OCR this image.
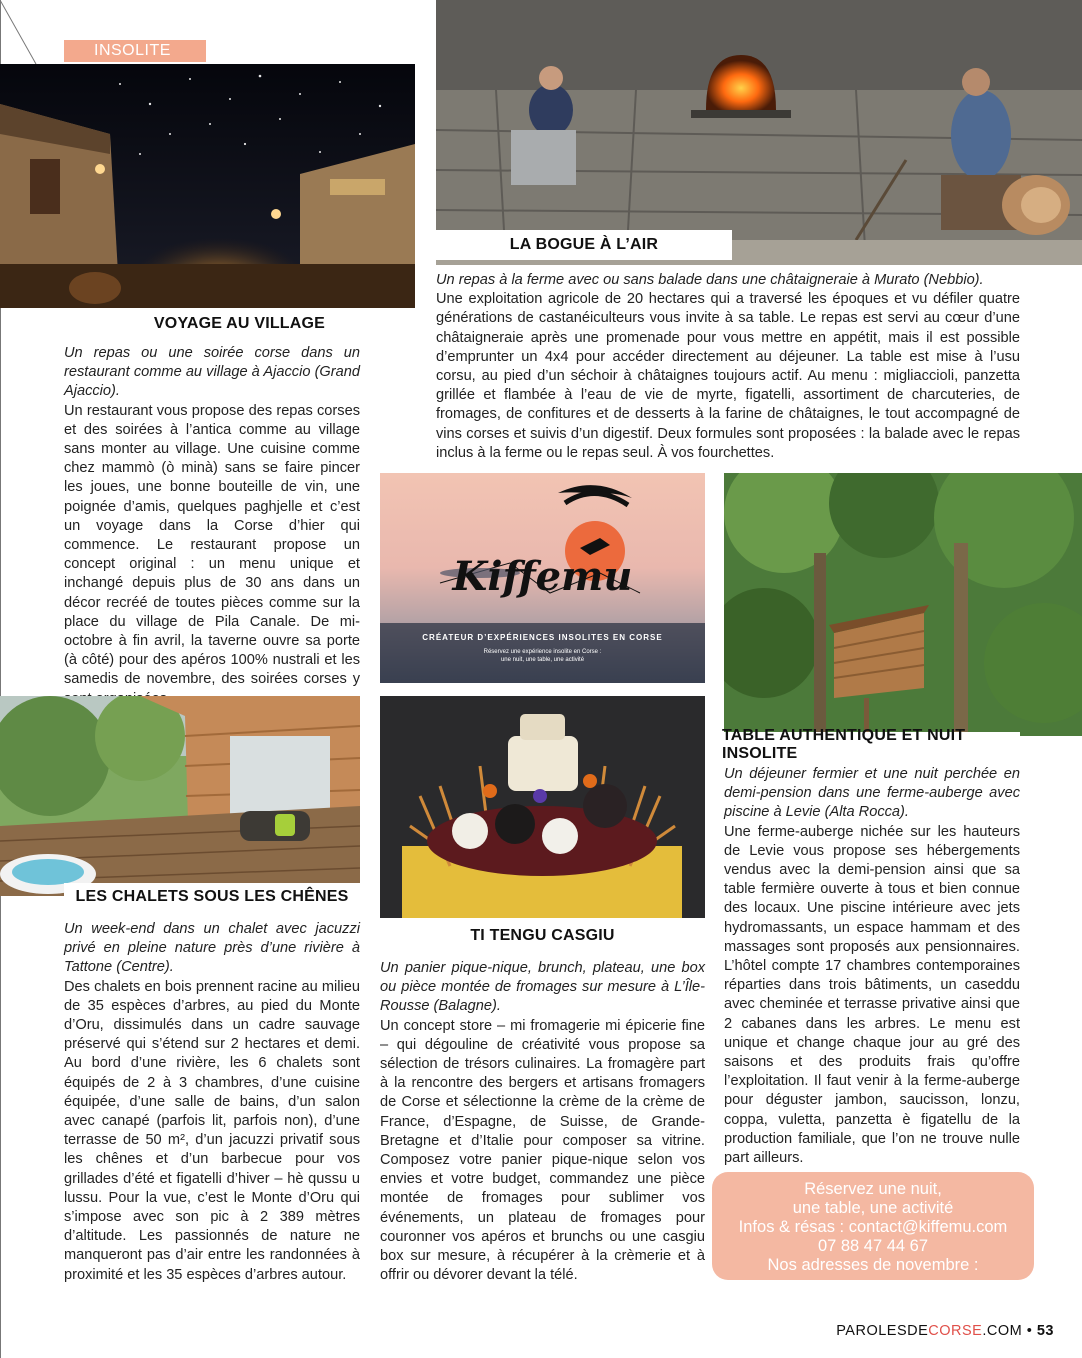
INSOLITE
VOYAGE AU VILLAGE

Un repas ou une soirée corse dans un restaurant comme au village à Ajaccio (Grand Ajaccio).

Un restaurant vous propose des repas corses et des soirées à l’antica comme au village sans monter au village. Une cuisine comme chez mammò (ò minà) sans se faire pincer les joues, une bonne bouteille de vin, une poignée d’amis, quelques paghjelle et c’est un voyage dans la Corse d’hier qui commence. Le restaurant propose un concept original : un menu unique et inchangé depuis plus de 30 ans dans un décor recréé de toutes pièces comme sur la place du village de Pila Canale. De mi-octobre à fin avril, la taverne ouvre sa porte (à côté) pour des apéros 100% nustrali et les samedis de novembre, des soirées corses y

LA BOGUE À L’AIR

Un repas à la ferme avec ou sans balade dans une châtaigneraie à Murato (Nebbio).

Une exploitation agricole de 20 hectares qui a traversé les époques et vu défiler quatre générations de castanéiculteurs vous invite à sa table. Le repas est servi au cœur d’une châtaigneraie après une promenade pour vous mettre en appétit, mais il est possible d’emprunter un 4x4 pour accéder directement au déjeuner. La table est mise à l’usu corsu, au pied d’un séchoir à châtaignes toujours actif. Au menu : migliaccioli, panzetta grillée et flambée à l’eau de vie de myrte, figatelli, assortiment de charcuteries, de fromages, de confitures et de desserts à la farine de châtaignes, le tout accompagné de vins corses et suivis d’un digestif. Deux formules sont proposées : la balade avec le repas inclus à la ferme ou le repas seul. À vos fourchettes.

Kiffemu
CRÉATEUR D’EXPÉRIENCES INSOLITES EN CORSE
Réservez une expérience insolite en Corse :
une nuit, une table, une activité
TABLE AUTHENTIQUE ET NUIT INSOLITE

Un déjeuner fermier et une nuit perchée en demi-pension dans une ferme-auberge avec piscine à Levie (Alta Rocca).

Une ferme-auberge nichée sur les hauteurs de Levie vous propose ses hébergements vendus avec la demi-pension ainsi que sa table fermière ouverte à tous et bien connue des locaux. Une piscine intérieure avec jets hydromassants, un espace hammam et des massages sont proposés aux pensionnaires. L’hôtel compte 17 chambres contemporaines réparties dans trois bâtiments, un caseddu avec cheminée et terrasse privative ainsi que 2 cabanes dans les arbres. Le menu est unique et change chaque jour au gré des saisons et des produits frais qu’offre l’exploitation. Il faut venir à la ferme-auberge pour déguster jambon, saucisson, lonzu, coppa, vuletta, panzetta è figatellu de la production familiale, que l’on ne trouve nulle part ailleurs.

LES CHALETS SOUS LES CHÊNES

Un week-end dans un chalet avec jacuzzi privé en pleine nature près d’une rivière à Tattone (Centre).

Des chalets en bois prennent racine au milieu de 35 espèces d’arbres, au pied du Monte d’Oru, dissimulés dans un cadre sauvage préservé qui s’étend sur 2 hectares et demi. Au bord d’une rivière, les 6 chalets sont équipés de 2 à 3 chambres, d’une cuisine équipée, d’une salle de bains, d’un salon avec canapé (parfois lit, parfois non), d’une terrasse de 50 m², d’un jacuzzi privatif sous les chênes et d’un barbecue pour vos grillades d’été et figatelli d’hiver – hè qussu u lussu. Pour la vue, c’est le Monte d’Oru qui s’impose avec son pic à 2 389 mètres d’altitude. Les passionnés de nature ne manqueront pas d’air entre les randonnées à proximité et les 35 espèces d’arbres autour.

TI TENGU CASGIU

Un panier pique-nique, brunch, plateau, une box ou pièce montée de fromages sur mesure à L’Île-Rousse (Balagne).

Un concept store – mi fromagerie mi épicerie fine – qui dégouline de créativité vous propose sa sélection de trésors culinaires. La fromagère part à la rencontre des bergers et artisans fromagers de Corse et sélectionne la crème de la crème de France, d’Espagne, de Suisse, de Grande-Bretagne et d’Italie pour composer sa vitrine. Composez votre panier pique-nique selon vos envies et votre budget, commandez une pièce montée de fromages pour sublimer vos événements, un plateau de fromages pour couronner vos apéros et brunchs ou une casgiu box sur mesure, à récupérer à la crèmerie et à offrir ou dévorer devant la télé.

Réservez une nuit,
une table, une activité
Infos & résas : contact@kiffemu.com
07 88 47 44 67
Nos adresses de novembre :
PAROLESDECORSE.COM • 53
